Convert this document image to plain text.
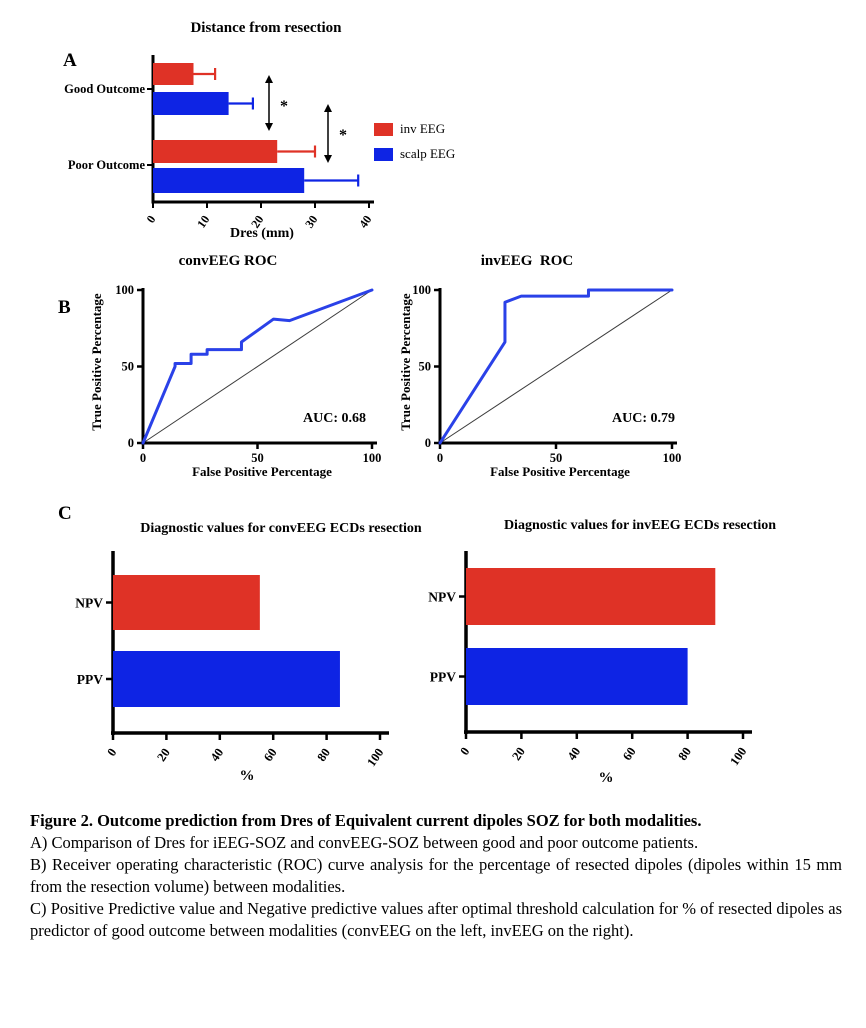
Distance from resection
A
0	10	20	30	40
Good Outcome
Poor Outcome
*
*	inv EEG
scalp EEG
Dres (mm)
B
convEEG ROC	invEEG  ROC
0	50	100
0
50
100
0	50	100
0
50
100
True Positive Percentage	True Positive Percentage
False Positive Percentage	False Positive Percentage
AUC: 0.68	AUC: 0.79
C
Diagnostic values for convEEG ECDs resection	Diagnostic values for invEEG ECDs resection
NPV
PPV
0	20	40	60	80 100
NPV
PPV
0	20	40	60	80	100
%	%

Figure 2. Outcome prediction from Dres of Equivalent current dipoles SOZ for both modalities.

A) Comparison of Dres for iEEG-SOZ and convEEG-SOZ between good and poor outcome patients.

B) Receiver operating characteristic (ROC) curve analysis for the percentage of resected dipoles (dipoles within 15 mm from the resection volume) between modalities.

C) Positive Predictive value and Negative predictive values after optimal threshold calculation for % of resected dipoles as predictor of good outcome between modalities (convEEG on the left, invEEG on the right).
